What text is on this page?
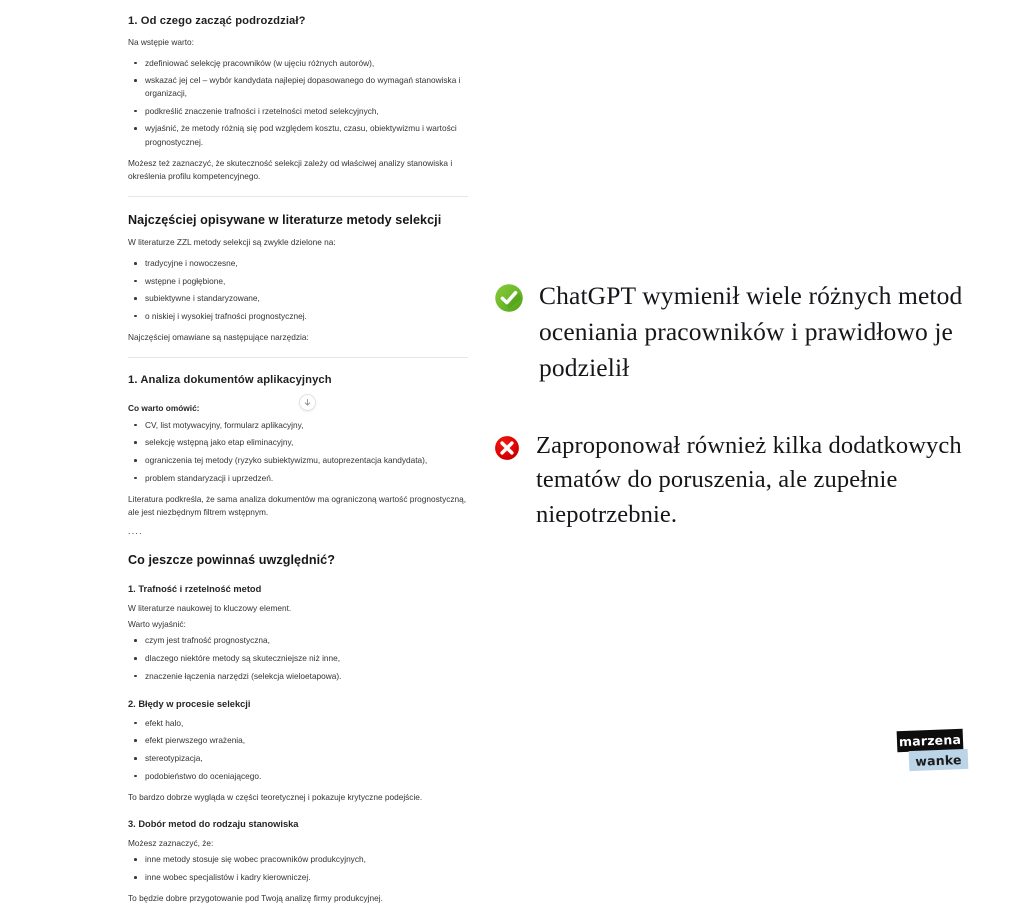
1. Od czego zacząć podrozdział?

Na wstępie warto:

zdefiniować selekcję pracowników (w ujęciu różnych autorów),
wskazać jej cel – wybór kandydata najlepiej dopasowanego do wymagań stanowiska i organizacji,
podkreślić znaczenie trafności i rzetelności metod selekcyjnych,
wyjaśnić, że metody różnią się pod względem kosztu, czasu, obiektywizmu i wartości prognostycznej.

Możesz też zaznaczyć, że skuteczność selekcji zależy od właściwej analizy stanowiska i określenia profilu kompetencyjnego.

Najczęściej opisywane w literaturze metody selekcji

W literaturze ZZL metody selekcji są zwykle dzielone na:

tradycyjne i nowoczesne,
wstępne i pogłębione,
subiektywne i standaryzowane,
o niskiej i wysokiej trafności prognostycznej.

Najczęściej omawiane są następujące narzędzia:

1. Analiza dokumentów aplikacyjnych

Co warto omówić:

CV, list motywacyjny, formularz aplikacyjny,
selekcję wstępną jako etap eliminacyjny,
ograniczenia tej metody (ryzyko subiektywizmu, autoprezentacja kandydata),
problem standaryzacji i uprzedzeń.

Literatura podkreśla, że sama analiza dokumentów ma ograniczoną wartość prognostyczną, ale jest niezbędnym filtrem wstępnym.

....
Co jeszcze powinnaś uwzględnić?
1. Trafność i rzetelność metod

W literaturze naukowej to kluczowy element.

Warto wyjaśnić:

czym jest trafność prognostyczna,
dlaczego niektóre metody są skuteczniejsze niż inne,
znaczenie łączenia narzędzi (selekcja wieloetapowa).
2. Błędy w procesie selekcji
efekt halo,
efekt pierwszego wrażenia,
stereotypizacja,
podobieństwo do oceniającego.

To bardzo dobrze wygląda w części teoretycznej i pokazuje krytyczne podejście.

3. Dobór metod do rodzaju stanowiska

Możesz zaznaczyć, że:

inne metody stosuje się wobec pracowników produkcyjnych,
inne wobec specjalistów i kadry kierowniczej.

To będzie dobre przygotowanie pod Twoją analizę firmy produkcyjnej.

ChatGPT wymienił wiele różnych metod oceniania pracowników i prawidłowo je podzielił
Zaproponował również kilka dodatkowych tematów do poruszenia, ale zupełnie niepotrzebnie.
marzena
wanke
